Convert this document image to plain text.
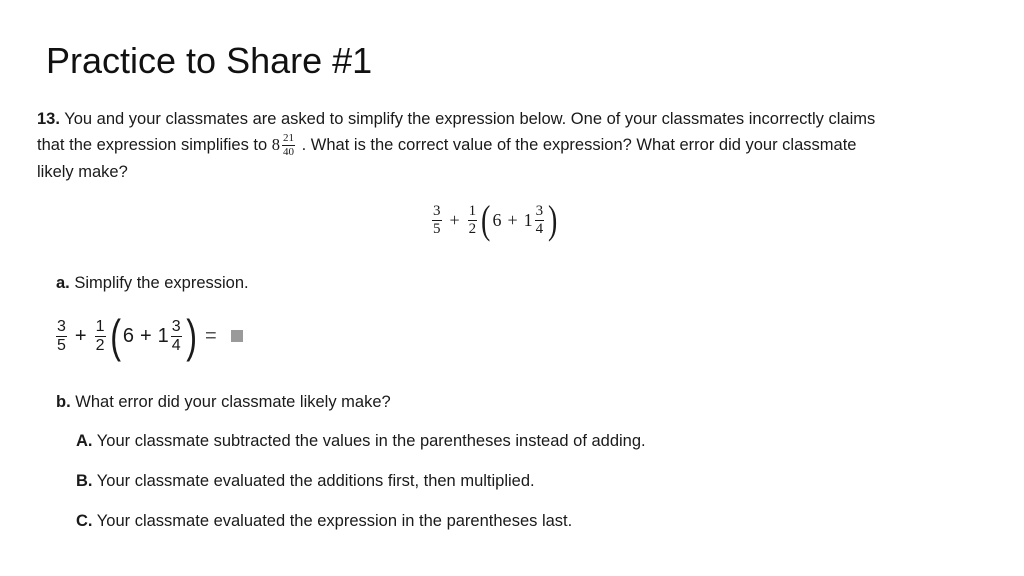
Practice to Share #1
13. You and your classmates are asked to simplify the expression below. One of your classmates incorrectly claims
that the expression simplifies to $8 \frac{21}{40}$ . What is the correct value of the expression? What error did your classmate
likely make?
$\frac{3}{5} + \frac{1}{2}$ ( $6 + 1 \frac{3}{4}$ )
a. Simplify the expression.
$\frac{3}{5} + \frac{1}{2}$ ( $6 + 1 \frac{3}{4}$ ) =
b. What error did your classmate likely make?
A. Your classmate subtracted the values in the parentheses instead of adding.
B. Your classmate evaluated the additions first, then multiplied.
C. Your classmate evaluated the expression in the parentheses last.
